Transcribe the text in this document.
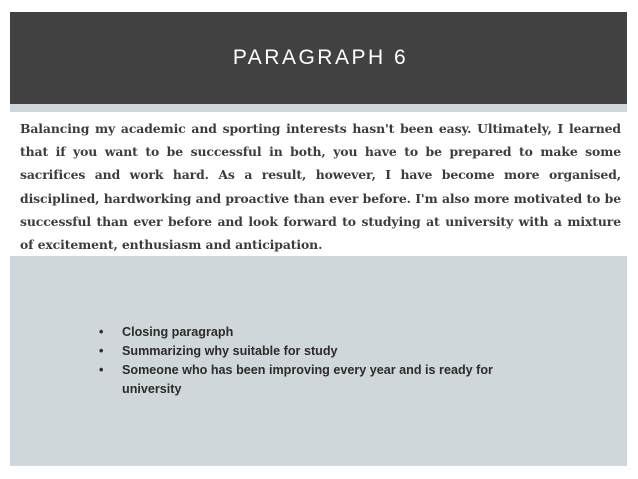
PARAGRAPH 6

Balancing my academic and sporting interests hasn't been easy. Ultimately, I learned that if you want to be successful in both, you have to be prepared to make some sacrifices and work hard. As a result, however, I have become more organised, disciplined, hardworking and proactive than ever before. I'm also more motivated to be successful than ever before and look forward to studying at university with a mixture of excitement, enthusiasm and anticipation.

• Closing paragraph
• Summarizing why suitable for study
• Someone who has been improving every year and is ready for university
